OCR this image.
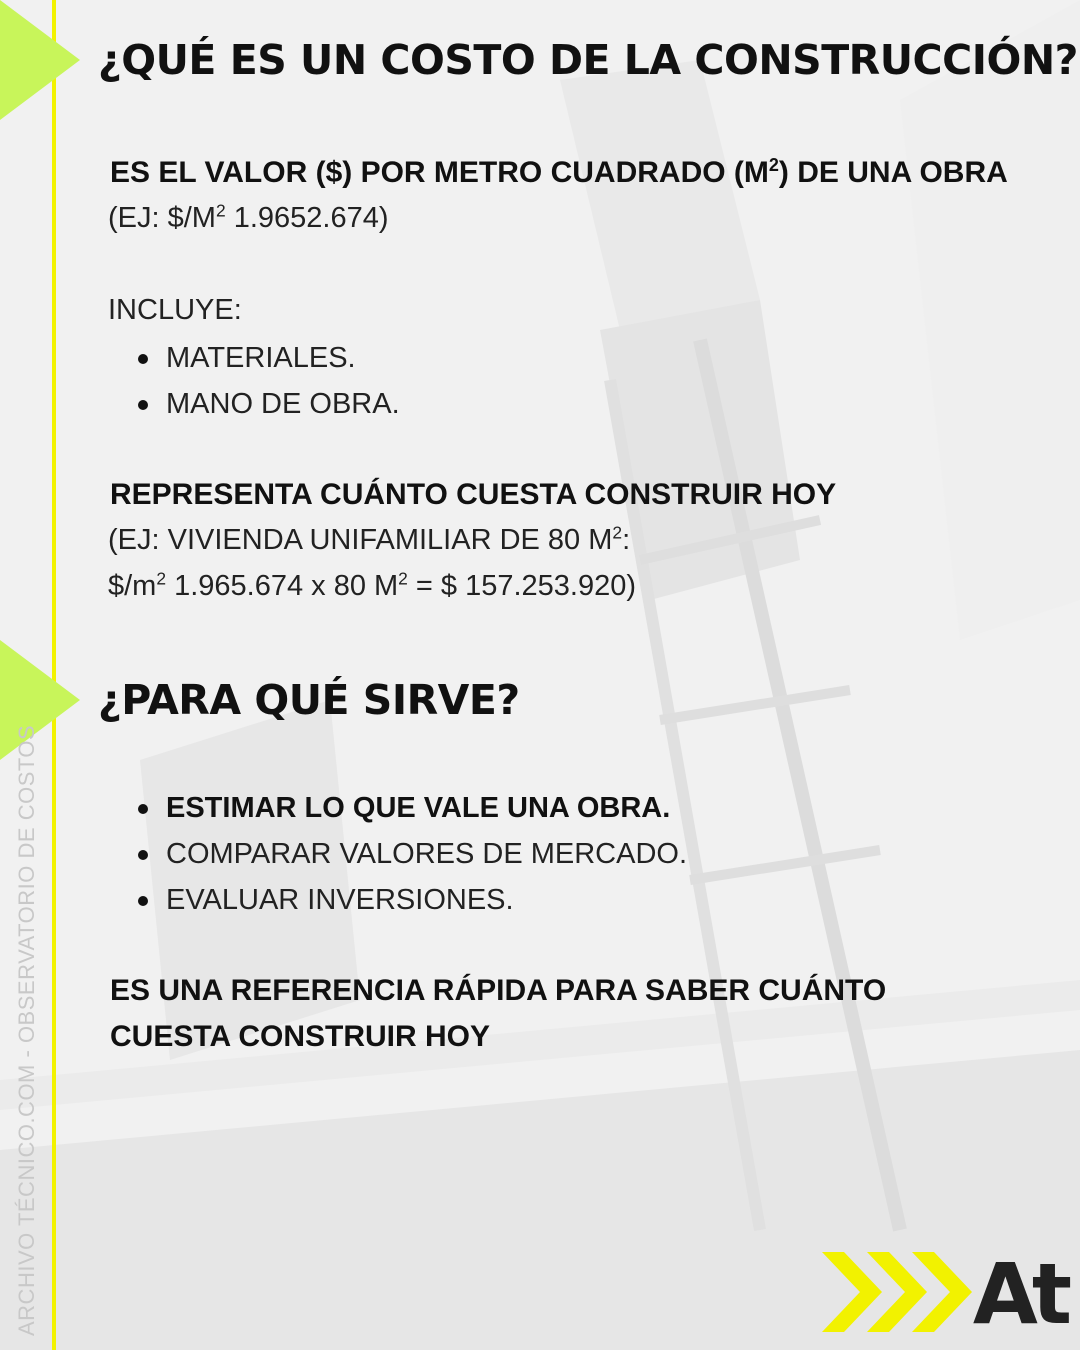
ARCHIVO TÉCNICO.COM - OBSERVATORIO DE COSTOS
¿QUÉ ES UN COSTO DE LA CONSTRUCCIÓN?

ES EL VALOR ($) POR METRO CUADRADO $(M^2)$ DE UNA OBRA

(EJ: $\$/M^2$ 1.9652.674)

INCLUYE:

MATERIALES.
MANO DE OBRA.

REPRESENTA CUÁNTO CUESTA CONSTRUIR HOY

(EJ: VIVIENDA UNIFAMILIAR DE 80 $M^2$:

$\$/m^2$ 1.965.674 x 80 $M^2$ = $ 157.253.920)

¿PARA QUÉ SIRVE?
ESTIMAR LO QUE VALE UNA OBRA.
COMPARAR VALORES DE MERCADO.
EVALUAR INVERSIONES.

ES UNA REFERENCIA RÁPIDA PARA SABER CUÁNTO

CUESTA CONSTRUIR HOY

At
